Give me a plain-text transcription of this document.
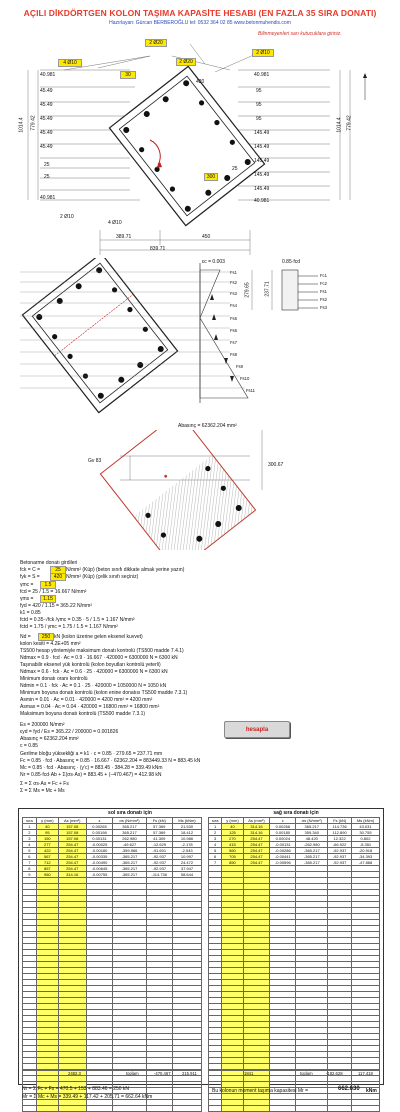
AÇILI DİKDÖRTGEN KOLON TAŞIMA KAPASİTE HESABI (EN FAZLA 35 SIRA DONATI)
Hazırlayan: Gürcan BERBEROĞLU tel: 0532 364 02 85 www.betonmuhendis.com
Bilinmeyenleri sarı kutucuklara giriniz.
4 Ø10
30
2 Ø20
2 Ø20
2 Ø10
2 Ø10
4 Ø10
300
420
25
40.981
45.49
45.49
45.49
45.49
45.49
25
25
40.981
40.981
95
95
95
145.49
145.49
145.49
145.49
145.49
40.981
1014.4 779.42	1014.4 779.42
389.71	450
839.71
εc = 0.003
279.65	237.71
0.85·fcd
Fc1
Fc2
Fs1
Fs2
Fs3
Fs1
Fs2
Fs3
Fs4
Fs5
Fs6
Fs7
Fs8
Fs9
Fs10
Fs11
Abasınç = 62362.204 mm²
Gv 83
300.67
Betonarme donatı girdileri
fck = C =	25	N/mm² (Küp) (beton sınıfı dikkate almak yerine yazın)
fyk = S =	420 N/mm² (Küp) (çelik sınıfı seçiniz)
γmc =	1.5
fcd = 25 / 1.5 = 16.667 N/mm²
γms =	1.15
fyd = 420 / 1.15 = 365.22 N/mm²
k1 = 0.85
fctd = 0.35·√fck /γmc = 0.35 · 5 / 1.5 = 1.167 N/mm²
fctd = 1.75 / γmc = 1.75 / 1.5 = 1.167 N/mm²
Nd =	250 kN (kolon üzerine gelen eksenel kuvvet)
kolon kesiti = 4.2E+05 mm²
TS500 hesap yöntemiyle maksimum donatı kontrolü (TS500 madde 7.4.1)
Ndmax = 0.9 · fcd · Ac = 0.9 · 16.667 · 420000 = 6300000 N = 6300 kN
Taşınabilir eksenel yük kontrolü (kolon boyutları kontrolü yeterli)
Ndmax = 0.6 · fck · Ac = 0.6 · 25 · 420000 = 6300000 N = 6300 kN
Minimum donatı oranı kontrolü
Ndmin = 0.1 · fck · Ac = 0.1 · 25 · 420000 = 1050000 N = 1050 kN
Minimum boyuna donatı kontrolü (kolon enine donatısı TS500 madde 7.3.1)
Asmin = 0.01 · Ac = 0.01 · 420000 = 4200 mm² = 4200 mm²
Asmax = 0.04 · Ac = 0.04 · 420000 = 16800 mm² = 16800 mm²
Maksimum boyuna donatı kontrolü (TS500 madde 7.3.1)
Es = 200000 N/mm²
εyd = fyd / Es = 365.22 / 200000 = 0.001826
Abasınç = 62362.204 mm²
c = 0.85
Gerilme bloğu yüksekliği a = k1 · c = 0.85 · 279.65 = 237.71 mm
Fc = 0.85 · fcd · Abasınç = 0.85 · 16.667 · 62362.204 = 883449.33 N = 883.45 kN
Mc = 0.85 · fcd · Abasınç · (y'c) = 883.45 · 384.28 = 339.49 kNm
Nr = 0.85·fcd·Ab + Σ(σs·As) = 883.45 + (−470.467) = 412.98 kN
Σ = Σ σs·As = Fc + Fs
Σ = Σ Ms = Mc + Ms
hesapla
sol sıra donatı için	sağ sıra donatı için
sıra	y (mm)	As (mm²)	ε	σs (N/mm²)	Fs (kN)	Ms (kNm)
1	40	157.08	0.00265	365.217	57.369	21.530
2	95	157.08	0.00198	365.217	57.369	18.412
3	150	157.08	0.00131	262.980	41.309	10.986
4	277	254.47	-0.00025	-49.627	-12.629	-2.178
5	422	254.47	-0.00180	-359.966	-91.601	-2.543
6	567	254.47	-0.00335	-365.217	-92.937	10.997
7	712	254.47	-0.00490	-365.217	-92.937	24.472
8	857	254.47	-0.00645	-365.217	-92.937	37.947
9	960	314.16	-0.00755	-365.217	-114.736	58.644

sıra	y (mm)	As (mm²)	ε	σs (N/mm²)	Fs (kN)	Ms (kNm)
1	40	314.16	0.00266	365.217	114.736	43.031
2	125	314.16	0.00180	359.340	112.890	30.755
3	270	254.47	0.00024	48.420	12.322	0.802
4	415	254.47	-0.00131	-262.980	-66.922	-5.351
5	560	254.47	-0.00286	-365.217	-92.937	-20.918
6	705	254.47	-0.00441	-365.217	-92.937	-34.393
7	850	254.47	-0.00596	-365.217	-92.937	-47.868

2482.3	toplam	-470.467	215.911	1841	toplam	-182.628	117.418
Nr = Σ Fc + Fs = 470.5 + 153 + 883.46 = 250 kN
Mr = Σ Mc + Ms = 339.49 + 117.42 + 205.71 = 662.64 kNm
Bu kolonun moment taşıma kapasitesi Mr =	662.630 kNm
